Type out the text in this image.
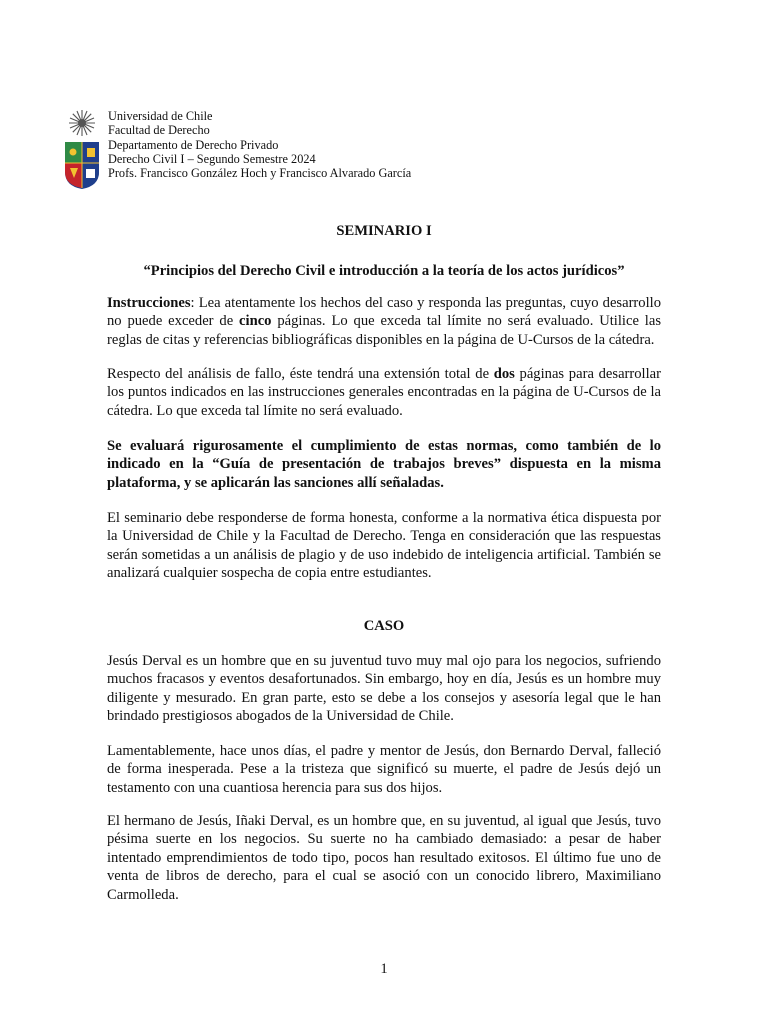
Universidad de Chile
Facultad de Derecho
Departamento de Derecho Privado
Derecho Civil I – Segundo Semestre 2024
Profs. Francisco González Hoch y Francisco Alvarado García

SEMINARIO I

“Principios del Derecho Civil e introducción a la teoría de los actos jurídicos”

Instrucciones: Lea atentamente los hechos del caso y responda las preguntas, cuyo desarrollo no puede exceder de cinco páginas. Lo que exceda tal límite no será evaluado. Utilice las reglas de citas y referencias bibliográficas disponibles en la página de U-Cursos de la cátedra.

Respecto del análisis de fallo, éste tendrá una extensión total de dos páginas para desarrollar los puntos indicados en las instrucciones generales encontradas en la página de U-Cursos de la cátedra. Lo que exceda tal límite no será evaluado.

Se evaluará rigurosamente el cumplimiento de estas normas, como también de lo indicado en la “Guía de presentación de trabajos breves” dispuesta en la misma plataforma, y se aplicarán las sanciones allí señaladas.

El seminario debe responderse de forma honesta, conforme a la normativa ética dispuesta por la Universidad de Chile y la Facultad de Derecho. Tenga en consideración que las respuestas serán sometidas a un análisis de plagio y de uso indebido de inteligencia artificial. También se analizará cualquier sospecha de copia entre estudiantes.

CASO

Jesús Derval es un hombre que en su juventud tuvo muy mal ojo para los negocios, sufriendo muchos fracasos y eventos desafortunados. Sin embargo, hoy en día, Jesús es un hombre muy diligente y mesurado. En gran parte, esto se debe a los consejos y asesoría legal que le han brindado prestigiosos abogados de la Universidad de Chile.

Lamentablemente, hace unos días, el padre y mentor de Jesús, don Bernardo Derval, falleció de forma inesperada. Pese a la tristeza que significó su muerte, el padre de Jesús dejó un testamento con una cuantiosa herencia para sus dos hijos.

El hermano de Jesús, Iñaki Derval, es un hombre que, en su juventud, al igual que Jesús, tuvo pésima suerte en los negocios. Su suerte no ha cambiado demasiado: a pesar de haber intentado emprendimientos de todo tipo, pocos han resultado exitosos. El último fue uno de venta de libros de derecho, para el cual se asoció con un conocido librero, Maximiliano Carmolleda.

1
